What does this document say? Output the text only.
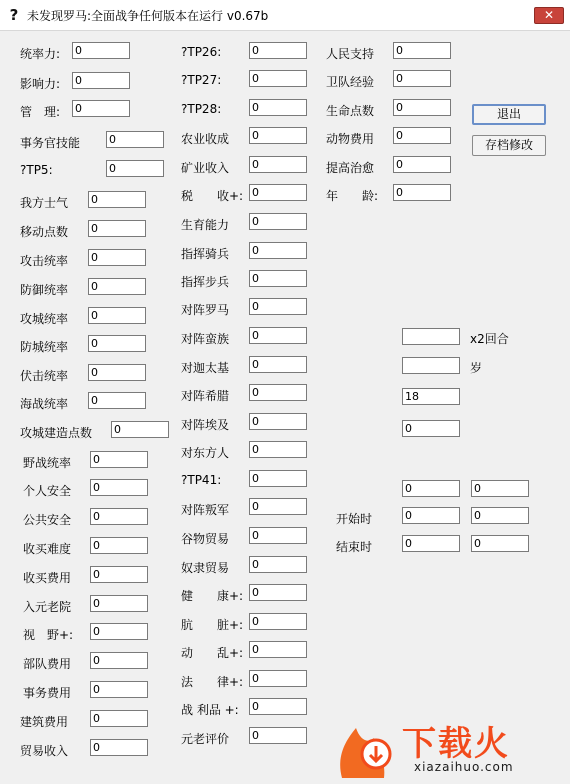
? 未发现罗马:全面战争任何版本在运行 v0.67b	✕
统率力:
0
影响力:
0
管　理:
0
事务官技能
0
?TP5:
0
我方士气
0
移动点数
0
攻击统率
0
防御统率
0
攻城统率
0
防城统率
0
伏击统率
0
海战统率
0
攻城建造点数
0
野战统率
0
个人安全
0
公共安全
0
收买难度
0
收买费用
0
入元老院
0
视　野+:
0
部队费用
0
事务费用
0
建筑费用
0
贸易收入
0
?TP26:
0
?TP27:
0
?TP28:
0
农业收成
0
矿业收入
0
税　　收+:
0
生育能力
0
指挥骑兵
0
指挥步兵
0
对阵罗马
0
对阵蛮族
0
对迦太基
0
对阵希腊
0
对阵埃及
0
对东方人
0
?TP41:
0
对阵叛军
0
谷物贸易
0
奴隶贸易
0
健　　康+:
0
肮　　脏+:
0
动　　乱+:
0
法　　律+:
0
战 利品 +:
0
元老评价
0
人民支持
0
卫队经验
0
生命点数
0
动物费用
0
提高治愈
0
年　　龄:
0
退出
存档修改
x2回合
岁
18
0
0
0
开始时
0
0
结束时
0
0
下载火
xiazaihuo.com
